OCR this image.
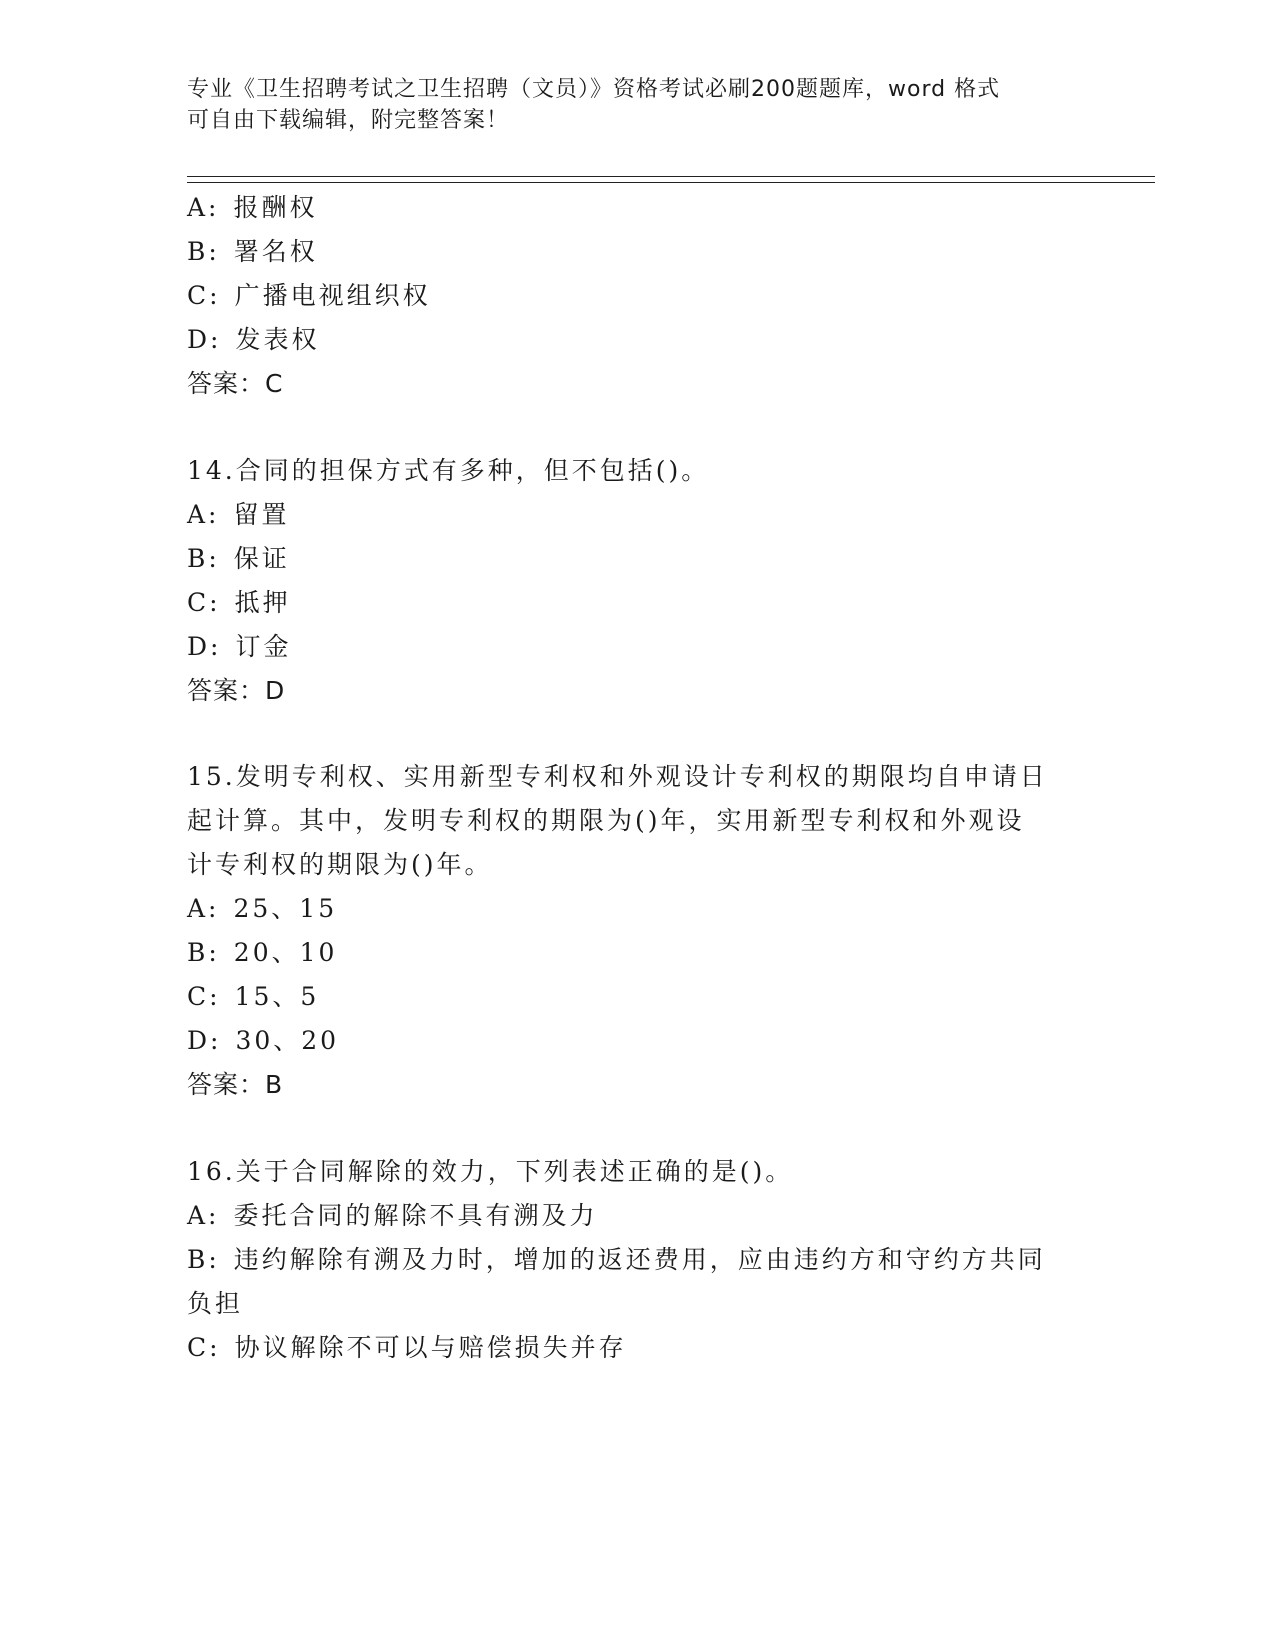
专业《卫生招聘考试之卫生招聘（文员）》资格考试必刷200题题库，word 格式
可自由下载编辑，附完整答案！
A: 报酬权
B: 署名权
C: 广播电视组织权
D: 发表权
答案：C
14.合同的担保方式有多种，但不包括()。
A: 留置
B: 保证
C: 抵押
D: 订金
答案：D
15.发明专利权、实用新型专利权和外观设计专利权的期限均自申请日
起计算。其中，发明专利权的期限为()年，实用新型专利权和外观设
计专利权的期限为()年。
A: 25、15
B: 20、10
C: 15、5
D: 30、20
答案：B
16.关于合同解除的效力，下列表述正确的是()。
A: 委托合同的解除不具有溯及力
B: 违约解除有溯及力时，增加的返还费用，应由违约方和守约方共同
负担
C: 协议解除不可以与赔偿损失并存
